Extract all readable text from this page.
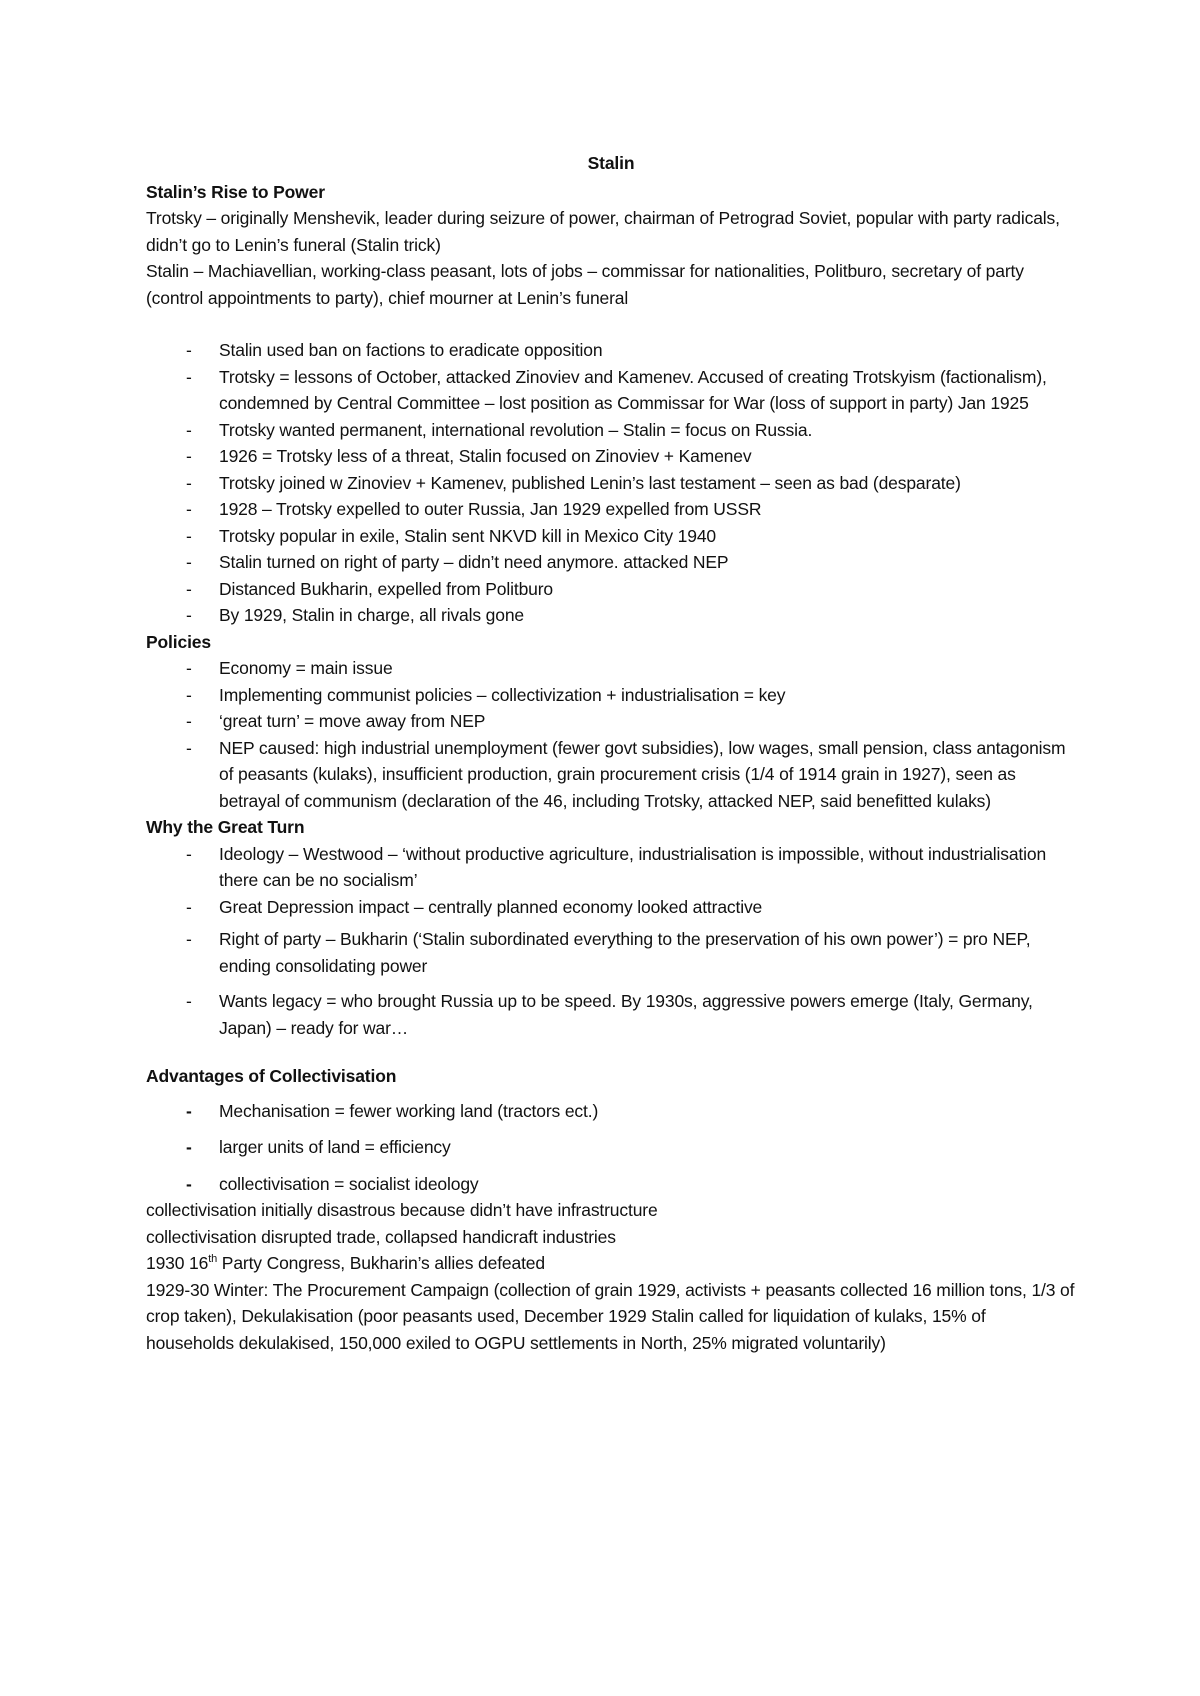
Stalin

Stalin’s Rise to Power

Trotsky – originally Menshevik, leader during seizure of power, chairman of Petrograd Soviet, popular with party radicals, didn’t go to Lenin’s funeral (Stalin trick)

Stalin – Machiavellian, working-class peasant, lots of jobs – commissar for nationalities, Politburo, secretary of party (control appointments to party), chief mourner at Lenin’s funeral

- Stalin used ban on factions to eradicate opposition
- Trotsky = lessons of October, attacked Zinoviev and Kamenev. Accused of creating Trotskyism (factionalism), condemned by Central Committee – lost position as Commissar for War (loss of support in party) Jan 1925
- Trotsky wanted permanent, international revolution – Stalin = focus on Russia.
- 1926 = Trotsky less of a threat, Stalin focused on Zinoviev + Kamenev
- Trotsky joined w Zinoviev + Kamenev, published Lenin’s last testament – seen as bad (desparate)
- 1928 – Trotsky expelled to outer Russia, Jan 1929 expelled from USSR
- Trotsky popular in exile, Stalin sent NKVD kill in Mexico City 1940
- Stalin turned on right of party – didn’t need anymore. attacked NEP
- Distanced Bukharin, expelled from Politburo
- By 1929, Stalin in charge, all rivals gone

Policies

- Economy = main issue
- Implementing communist policies – collectivization + industrialisation = key
- ‘great turn’ = move away from NEP
- NEP caused: high industrial unemployment (fewer govt subsidies), low wages, small pension, class antagonism of peasants (kulaks), insufficient production, grain procurement crisis (1/4 of 1914 grain in 1927), seen as betrayal of communism (declaration of the 46, including Trotsky, attacked NEP, said benefitted kulaks)

Why the Great Turn

- Ideology – Westwood – ‘without productive agriculture, industrialisation is impossible, without industrialisation there can be no socialism’
- Great Depression impact – centrally planned economy looked attractive
- Right of party – Bukharin (‘Stalin subordinated everything to the preservation of his own power’) = pro NEP, ending consolidating power
- Wants legacy = who brought Russia up to be speed. By 1930s, aggressive powers emerge (Italy, Germany, Japan) – ready for war…

Advantages of Collectivisation

- Mechanisation = fewer working land (tractors ect.)
- larger units of land = efficiency
- collectivisation = socialist ideology

collectivisation initially disastrous because didn’t have infrastructure

collectivisation disrupted trade, collapsed handicraft industries

1930 16th Party Congress, Bukharin’s allies defeated

1929-30 Winter: The Procurement Campaign (collection of grain 1929, activists + peasants collected 16 million tons, 1/3 of crop taken), Dekulakisation (poor peasants used, December 1929 Stalin called for liquidation of kulaks, 15% of households dekulakised, 150,000 exiled to OGPU settlements in North, 25% migrated voluntarily)
